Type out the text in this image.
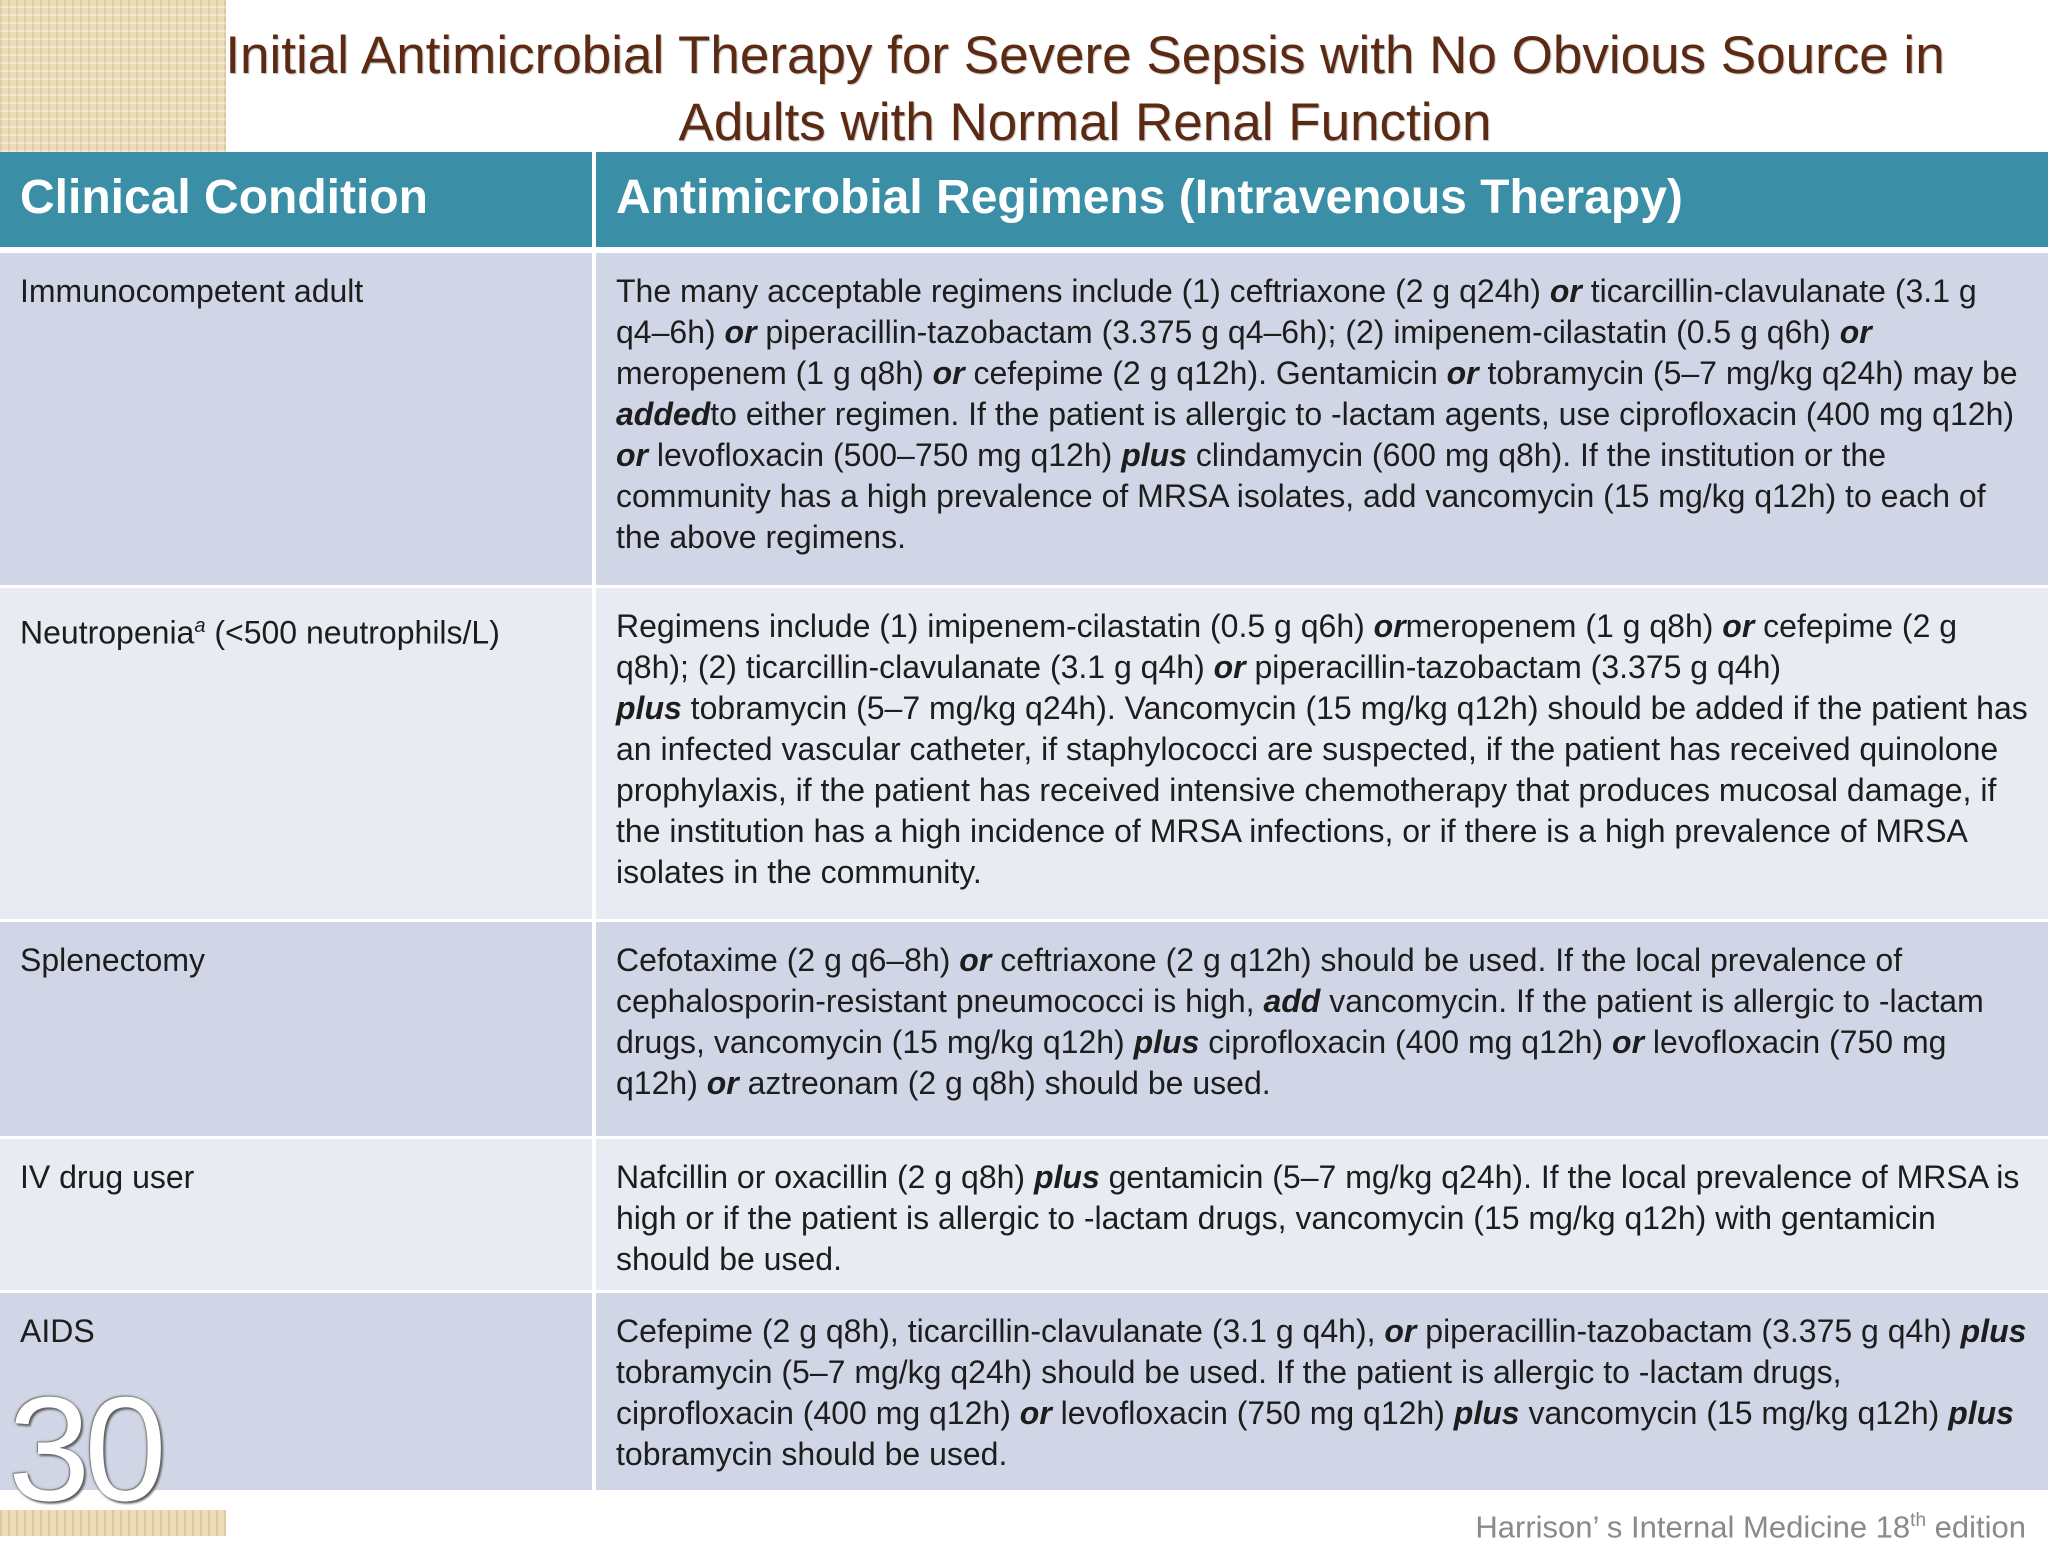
Initial Antimicrobial Therapy for Severe Sepsis with No Obvious Source in
Adults with Normal Renal Function
Clinical Condition	Antimicrobial Regimens (Intravenous Therapy)
Immunocompetent adult	The many acceptable regimens include (1) ceftriaxone (2 g q24h) or ticarcillin-clavulanate (3.1 g q4–6h) or piperacillin-tazobactam (3.375 g q4–6h); (2) imipenem-cilastatin (0.5 g q6h) or meropenem (1 g q8h) or cefepime (2 g q12h). Gentamicin or tobramycin (5–7 mg/kg q24h) may be addedto either regimen. If the patient is allergic to -lactam agents, use ciprofloxacin (400 mg q12h) or levofloxacin (500–750 mg q12h) plus clindamycin (600 mg q8h). If the institution or the community has a high prevalence of MRSA isolates, add vancomycin (15 mg/kg q12h) to each of the above regimens.
Neutropenia$^a$ (<500 neutrophils/L)	Regimens include (1) imipenem-cilastatin (0.5 g q6h) ormeropenem (1 g q8h) or cefepime (2 g q8h); (2) ticarcillin-clavulanate (3.1 g q4h) or piperacillin-tazobactam (3.375 g q4h)
plus tobramycin (5–7 mg/kg q24h). Vancomycin (15 mg/kg q12h) should be added if the patient has an infected vascular catheter, if staphylococci are suspected, if the patient has received quinolone prophylaxis, if the patient has received intensive chemotherapy that produces mucosal damage, if the institution has a high incidence of MRSA infections, or if there is a high prevalence of MRSA isolates in the community.
Splenectomy	Cefotaxime (2 g q6–8h) or ceftriaxone (2 g q12h) should be used. If the local prevalence of cephalosporin-resistant pneumococci is high, add vancomycin. If the patient is allergic to -lactam drugs, vancomycin (15 mg/kg q12h) plus ciprofloxacin (400 mg q12h) or levofloxacin (750 mg q12h) or aztreonam (2 g q8h) should be used.
IV drug user	Nafcillin or oxacillin (2 g q8h) plus gentamicin (5–7 mg/kg q24h). If the local prevalence of MRSA is high or if the patient is allergic to -lactam drugs, vancomycin (15 mg/kg q12h) with gentamicin should be used.
AIDS	Cefepime (2 g q8h), ticarcillin-clavulanate (3.1 g q4h), or piperacillin-tazobactam (3.375 g q4h) plus tobramycin (5–7 mg/kg q24h) should be used. If the patient is allergic to -lactam drugs, ciprofloxacin (400 mg q12h) or levofloxacin (750 mg q12h) plus vancomycin (15 mg/kg q12h) plus tobramycin should be used.
30	Harrison’ s Internal Medicine 18th edition
